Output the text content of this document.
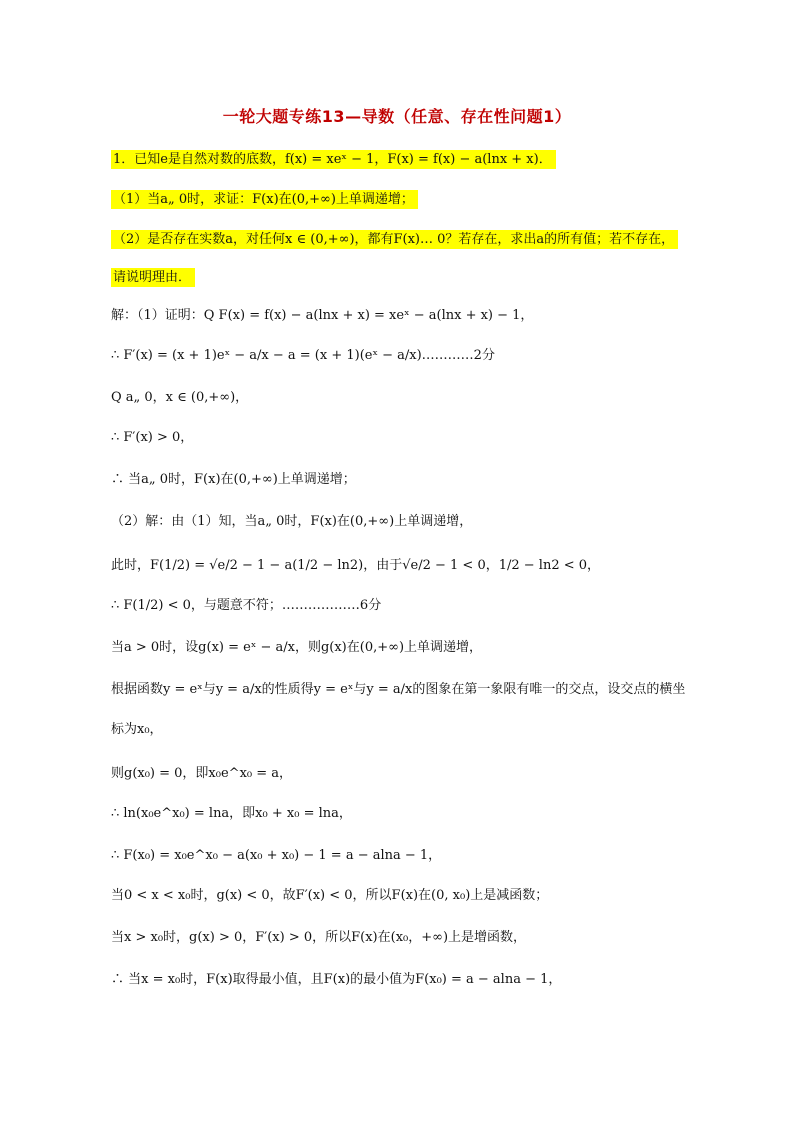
一轮大题专练13—导数（任意、存在性问题1）
1．已知e是自然对数的底数，f(x) = xeˣ − 1，F(x) = f(x) − a(lnx + x)．
（1）当a„ 0时，求证：F(x)在(0,+∞)上单调递增；
（2）是否存在实数a，对任何x ∈ (0,+∞)，都有F(x)… 0？若存在，求出a的所有值；若不存在，
请说明理由．
解：（1）证明：Q F(x) = f(x) − a(lnx + x) = xeˣ − a(lnx + x) − 1，
∴ F′(x) = (x + 1)eˣ − a/x − a = (x + 1)(eˣ − a/x)…………2分
Q a„ 0，x ∈ (0,+∞)，
∴ F′(x) > 0，
∴ 当a„ 0时，F(x)在(0,+∞)上单调递增；
（2）解：由（1）知，当a„ 0时，F(x)在(0,+∞)上单调递增，
此时，F(1/2) = √e/2 − 1 − a(1/2 − ln2)，由于√e/2 − 1 < 0，1/2 − ln2 < 0，
∴ F(1/2) < 0，与题意不符；………………6分
当a > 0时，设g(x) = eˣ − a/x，则g(x)在(0,+∞)上单调递增，
根据函数y = eˣ与y = a/x的性质得y = eˣ与y = a/x的图象在第一象限有唯一的交点，设交点的横坐
标为x₀，
则g(x₀) = 0，即x₀e^x₀ = a，
∴ ln(x₀e^x₀) = lna，即x₀ + x₀ = lna，
∴ F(x₀) = x₀e^x₀ − a(x₀ + x₀) − 1 = a − alna − 1，
当0 < x < x₀时，g(x) < 0，故F′(x) < 0，所以F(x)在(0, x₀)上是减函数；
当x > x₀时，g(x) > 0，F′(x) > 0，所以F(x)在(x₀，+∞)上是增函数，
∴ 当x = x₀时，F(x)取得最小值，且F(x)的最小值为F(x₀) = a − alna − 1，
